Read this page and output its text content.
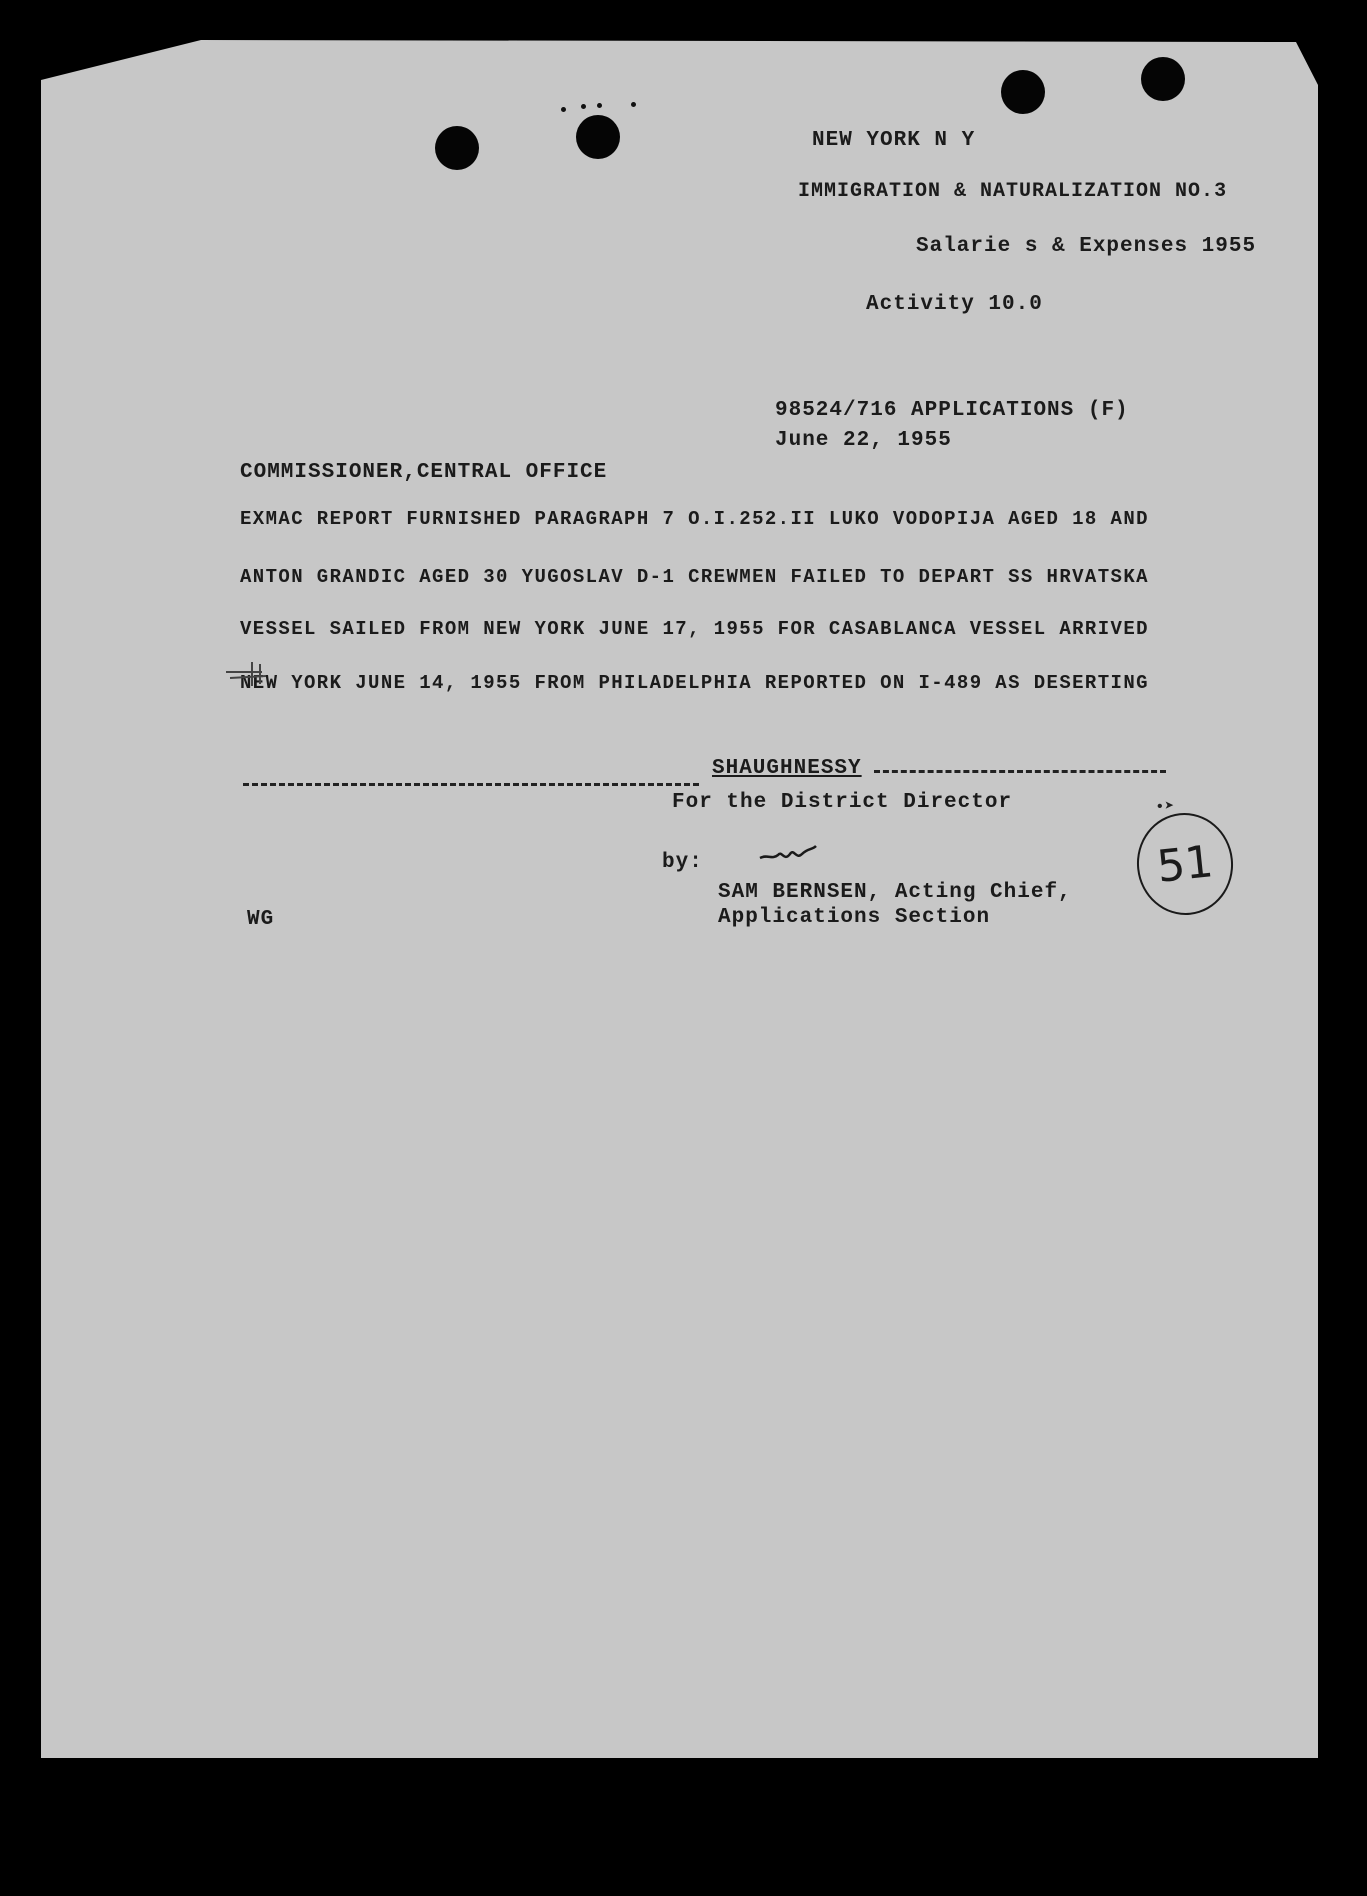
NEW YORK N Y
IMMIGRATION & NATURALIZATION NO.3
Salarie s & Expenses 1955
Activity 10.0
98524/716 APPLICATIONS (F)
June 22, 1955
COMMISSIONER,CENTRAL OFFICE
EXMAC REPORT FURNISHED PARAGRAPH 7 O.I.252.II LUKO VODOPIJA AGED 18 AND
ANTON GRANDIC AGED 30 YUGOSLAV D-1 CREWMEN FAILED TO DEPART SS HRVATSKA
VESSEL SAILED FROM NEW YORK JUNE 17, 1955 FOR CASABLANCA VESSEL ARRIVED
NEW YORK JUNE 14, 1955 FROM PHILADELPHIA REPORTED ON I-489 AS DESERTING
SHAUGHNESSY
For the District Director
by:
SAM BERNSEN, Acting Chief,
Applications Section
WG
51
•➤
